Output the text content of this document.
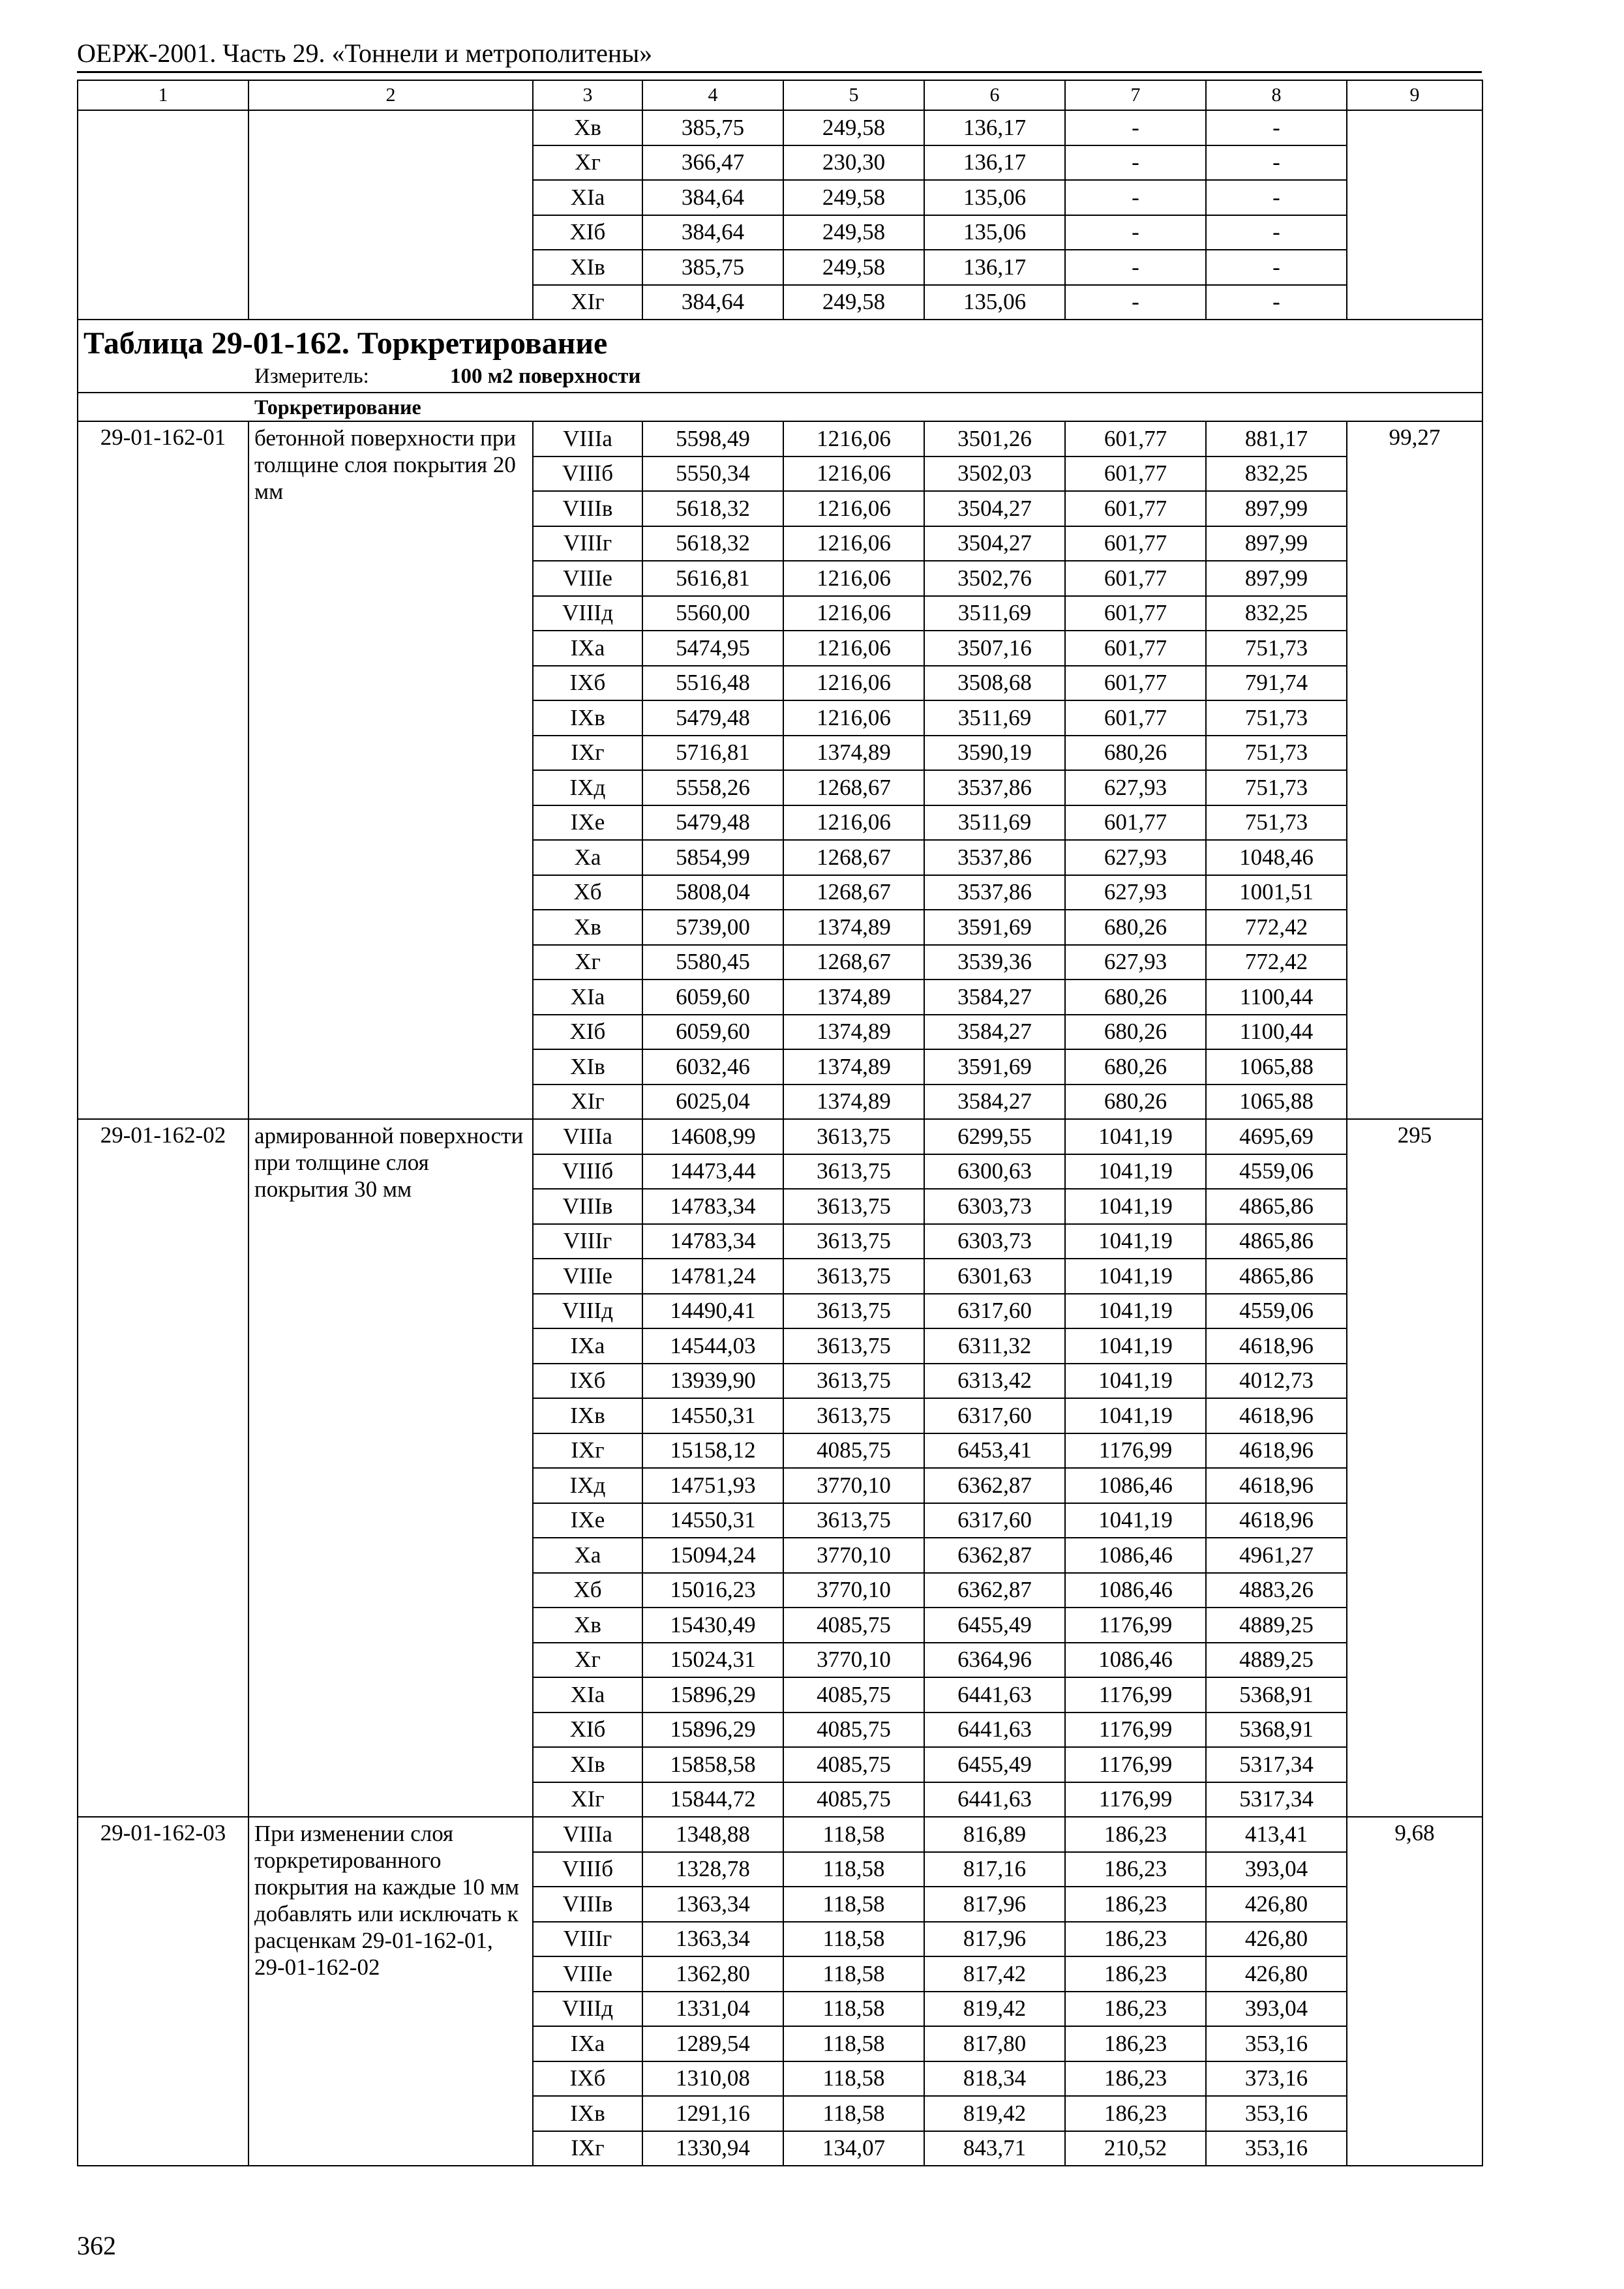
ОЕРЖ-2001. Часть 29. «Тоннели и метрополитены»
1	2	3	4	5	6	7	8	9
		Хв	385,75	249,58	136,17	-	-	
		Хг	366,47	230,30	136,17	-	-	
		XIа	384,64	249,58	135,06	-	-	
		XIб	384,64	249,58	135,06	-	-	
		XIв	385,75	249,58	136,17	-	-	
		XIг	384,64	249,58	135,06	-	-	

Таблица 29-01-162. Торкретирование
Измеритель: 100 м2 поверхности								

Торкретирование								
29-01-162-01	бетонной поверхности при толщине слоя покрытия 20 мм	VIIIа	5598,49	1216,06	3501,26	601,77	881,17	99,27
		VIIIб	5550,34	1216,06	3502,03	601,77	832,25	
		VIIIв	5618,32	1216,06	3504,27	601,77	897,99	
		VIIIг	5618,32	1216,06	3504,27	601,77	897,99	
		VIIIе	5616,81	1216,06	3502,76	601,77	897,99	
		VIIIд	5560,00	1216,06	3511,69	601,77	832,25	
		IXа	5474,95	1216,06	3507,16	601,77	751,73	
		IXб	5516,48	1216,06	3508,68	601,77	791,74	
		IXв	5479,48	1216,06	3511,69	601,77	751,73	
		IXг	5716,81	1374,89	3590,19	680,26	751,73	
		IXд	5558,26	1268,67	3537,86	627,93	751,73	
		IXе	5479,48	1216,06	3511,69	601,77	751,73	
		Ха	5854,99	1268,67	3537,86	627,93	1048,46	
		Хб	5808,04	1268,67	3537,86	627,93	1001,51	
		Хв	5739,00	1374,89	3591,69	680,26	772,42	
		Хг	5580,45	1268,67	3539,36	627,93	772,42	
		XIа	6059,60	1374,89	3584,27	680,26	1100,44	
		XIб	6059,60	1374,89	3584,27	680,26	1100,44	
		XIв	6032,46	1374,89	3591,69	680,26	1065,88	
		XIг	6025,04	1374,89	3584,27	680,26	1065,88	
29-01-162-02	армированной поверхности при толщине слоя покрытия 30 мм	VIIIа	14608,99	3613,75	6299,55	1041,19	4695,69	295
		VIIIб	14473,44	3613,75	6300,63	1041,19	4559,06	
		VIIIв	14783,34	3613,75	6303,73	1041,19	4865,86	
		VIIIг	14783,34	3613,75	6303,73	1041,19	4865,86	
		VIIIе	14781,24	3613,75	6301,63	1041,19	4865,86	
		VIIIд	14490,41	3613,75	6317,60	1041,19	4559,06	
		IXа	14544,03	3613,75	6311,32	1041,19	4618,96	
		IXб	13939,90	3613,75	6313,42	1041,19	4012,73	
		IXв	14550,31	3613,75	6317,60	1041,19	4618,96	
		IXг	15158,12	4085,75	6453,41	1176,99	4618,96	
		IXд	14751,93	3770,10	6362,87	1086,46	4618,96	
		IXе	14550,31	3613,75	6317,60	1041,19	4618,96	
		Ха	15094,24	3770,10	6362,87	1086,46	4961,27	
		Хб	15016,23	3770,10	6362,87	1086,46	4883,26	
		Хв	15430,49	4085,75	6455,49	1176,99	4889,25	
		Хг	15024,31	3770,10	6364,96	1086,46	4889,25	
		XIа	15896,29	4085,75	6441,63	1176,99	5368,91	
		XIб	15896,29	4085,75	6441,63	1176,99	5368,91	
		XIв	15858,58	4085,75	6455,49	1176,99	5317,34	
		XIг	15844,72	4085,75	6441,63	1176,99	5317,34	
29-01-162-03	При изменении слоя торкретированного покрытия на каждые 10 мм добавлять или исключать к расценкам 29-01-162-01, 29-01-162-02	VIIIа	1348,88	118,58	816,89	186,23	413,41	9,68
		VIIIб	1328,78	118,58	817,16	186,23	393,04	
		VIIIв	1363,34	118,58	817,96	186,23	426,80	
		VIIIг	1363,34	118,58	817,96	186,23	426,80	
		VIIIе	1362,80	118,58	817,42	186,23	426,80	
		VIIIд	1331,04	118,58	819,42	186,23	393,04	
		IXа	1289,54	118,58	817,80	186,23	353,16	
		IXб	1310,08	118,58	818,34	186,23	373,16	
		IXв	1291,16	118,58	819,42	186,23	353,16	
		IXг	1330,94	134,07	843,71	210,52	353,16	
362
